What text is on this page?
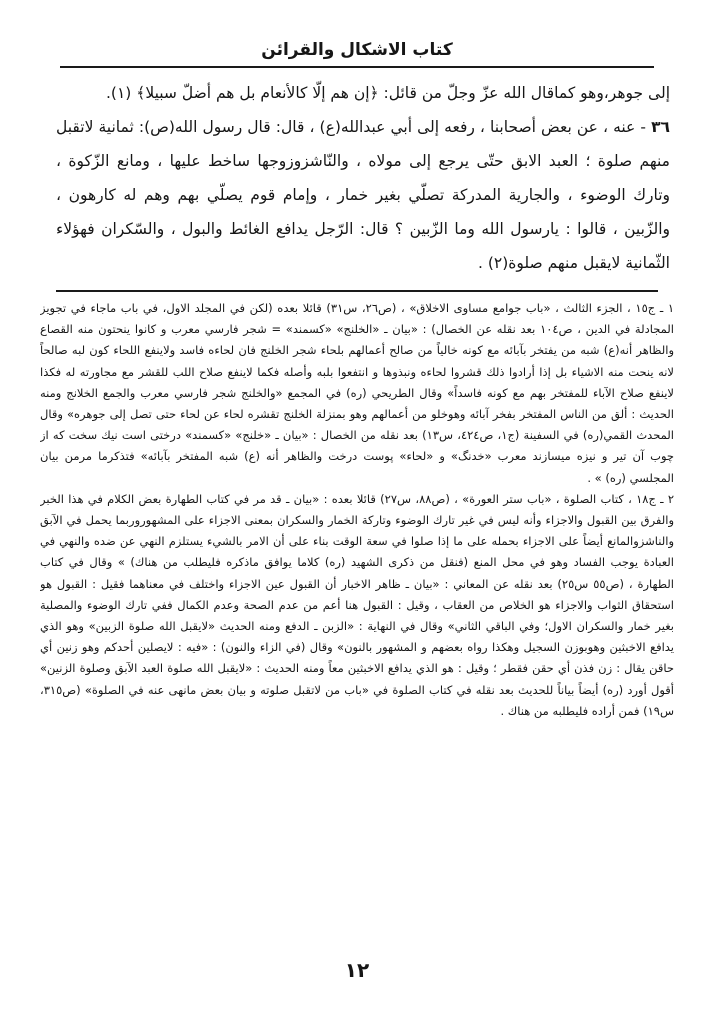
كتاب الاشكال والقرائن

إلى جوهر،وهو كماقال الله عزّ وجلّ من قائل: ﴿إن هم إلّا كالأنعام بل هم أضلّ سبيلا﴾ (١).

٣٦ - عنه ، عن بعض أصحابنا ، رفعه إلى أبي عبدالله(ع) ، قال: قال رسول الله(ص): ثمانية لاتقبل منهم صلوة ؛ العبد الابق حتّى يرجع إلى مولاه ، والنّاشزوزوجها ساخط عليها ، ومانع الزّكوة ، وتارك الوضوء ، والجارية المدركة تصلّي بغير خمار ، وإمام قوم يصلّي بهم وهم له كارهون ، والزّبين ، قالوا : يارسول الله وما الزّبين ؟ قال: الرّجل يدافع الغائط والبول ، والسّكران فهؤلاء الثّمانية لايقبل منهم صلوة(٢) .

١ ـ ج١٥ ، الجزء الثالث ، «باب جوامع مساوى الاخلاق» ، (ص٢٦، س٣١) قائلا بعده (لكن في المجلد الاول، في باب ماجاء في تجويز المجادلة في الدين ، ص١٠٤ بعد نقله عن الخصال) : «بيان ـ «الخلنج» «كسمند» = شجر فارسي معرب و كانوا ينحتون منه القصاع والظاهر أنه(ع) شبه من يفتخر بآبائه مع كونه خالياً من صالح أعمالهم بلحاء شجر الخلنج فان لحاءه فاسد ولاينفع اللحاء كون لبه صالحاً لانه ينحت منه الاشياء بل إذا أرادوا ذلك قشروا لحاءه ونبذوها و انتفعوا بلبه وأصله فكما لاينفع صلاح اللب للقشر مع مجاورته له فكذا لاينفع صلاح الآباء للمفتخر بهم مع كونه فاسداً» وقال الطريحي (ره) في المجمع «والخلنج شجر فارسي معرب والجمع الخلانج ومنه الحديث : ألق من الناس المفتخر بفخر آبائه وهوخلو من أعمالهم وهو بمنزلة الخلنج تقشره لحاء عن لحاء حتى تصل إلى جوهره» وقال المحدث القمي(ره) في السفينة (ج١، ص٤٢٤، س١٣) بعد نقله من الخصال : «بيان ـ «خلنج» «كسمند» درختى است نيك سخت كه از چوب آن تير و نيزه ميسازند معرب «خدنگ» و «لحاء» پوست درخت والظاهر أنه (ع) شبه المفتخر بآبائه» فتذكرما مرمن بيان المجلسي (ره) » .

٢ ـ ج١٨ ، كتاب الصلوة ، «باب ستر العورة» ، (ص٨٨، س٢٧) قائلا بعده : «بيان ـ قد مر في كتاب الطهارة بعض الكلام في هذا الخبر والفرق بين القبول والاجزاء وأنه ليس في غير تارك الوضوء وتاركة الخمار والسكران بمعنى الاجزاء على المشهوروربما يحمل في الآبق والناشزوالمانع أيضاً على الاجزاء بحمله على ما إذا صلوا في سعة الوقت بناء على أن الامر بالشيء يستلزم النهي عن ضده والنهي في العبادة يوجب الفساد وهو في محل المنع (فنقل من ذكرى الشهيد (ره) كلاما يوافق ماذكره فليطلب من هناك) » وقال في كتاب الطهارة ، (ص٥٥ س٢٥) بعد نقله عن المعاني : «بيان ـ ظاهر الاخبار أن القبول عين الاجزاء واختلف في معناهما فقيل : القبول هو استحقاق الثواب والاجزاء هو الخلاص من العقاب ، وقيل : القبول هنا أعم من عدم الصحة وعدم الكمال ففي تارك الوضوء والمصلية بغير خمار والسكران الاول؛ وفي الباقي الثاني» وقال في النهاية : «الزبن ـ الدفع ومنه الحديث «لايقبل الله صلوة الزبين» وهو الذي يدافع الاخبثين وهوبوزن السجيل وهكذا رواه بعضهم و المشهور بالنون» وقال (في الزاء والنون) : «فيه : لايصلين أحدكم وهو زنين أي حاقن يقال : زن فذن أي حقن فقطر ؛ وقيل : هو الذي يدافع الاخبثين معاً ومنه الحديث : «لايقبل الله صلوة العبد الآبق وصلوة الزنين» أقول أورد (ره) أيضاً بياناً للحديث بعد نقله في كتاب الصلوة في «باب من لاتقبل صلوته و بيان بعض مانهى عنه في الصلوة» (ص٣١٥، س١٩) فمن أراده فليطلبه من هناك .

١٢
